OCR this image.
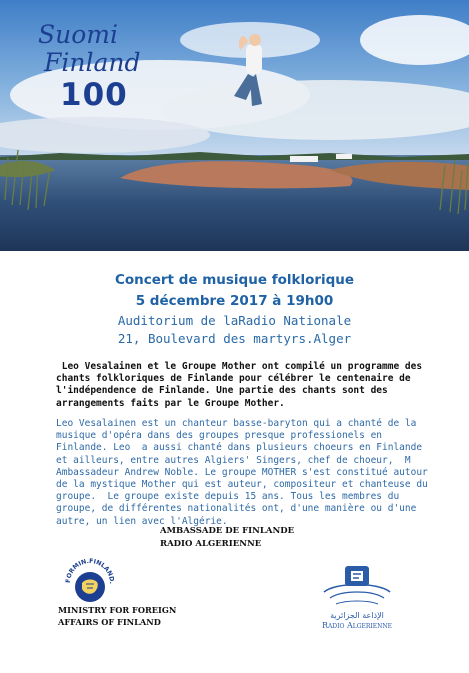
Suomi
Finland
100
Concert de musique folklorique
5 décembre 2017 à 19h00
Auditorium de laRadio Nationale
21, Boulevard des martyrs.Alger
Leo Vesalainen et le Groupe Mother ont compilé un programme des
chants folkloriques de Finlande pour célébrer le centenaire de
l'indépendence de Finlande. Une partie des chants sont des
arrangements faits par le Groupe Mother.
Leo Vesalainen est un chanteur basse-baryton qui a chanté de la
musique d'opéra dans des groupes presque professionels en
Finlande. Leo  a aussi chanté dans plusieurs choeurs en Finlande
et ailleurs, entre autres Algiers' Singers, chef de choeur,  M
Ambassadeur Andrew Noble. Le groupe MOTHER s'est constitué autour
de la mystique Mother qui est auteur, compositeur et chanteuse du
groupe.  Le groupe existe depuis 15 ans. Tous les membres du
groupe, de différentes nationalités ont, d'une manière ou d'une
autre, un lien avec l'Algérie.
AMBASSADE DE FINLANDE
RADIO ALGERIENNE
FORMIN.FINLAND.
MINISTRY FOR FOREIGN
AFFAIRS OF FINLAND
الإذاعة الجزائرية
Radio Algerienne
